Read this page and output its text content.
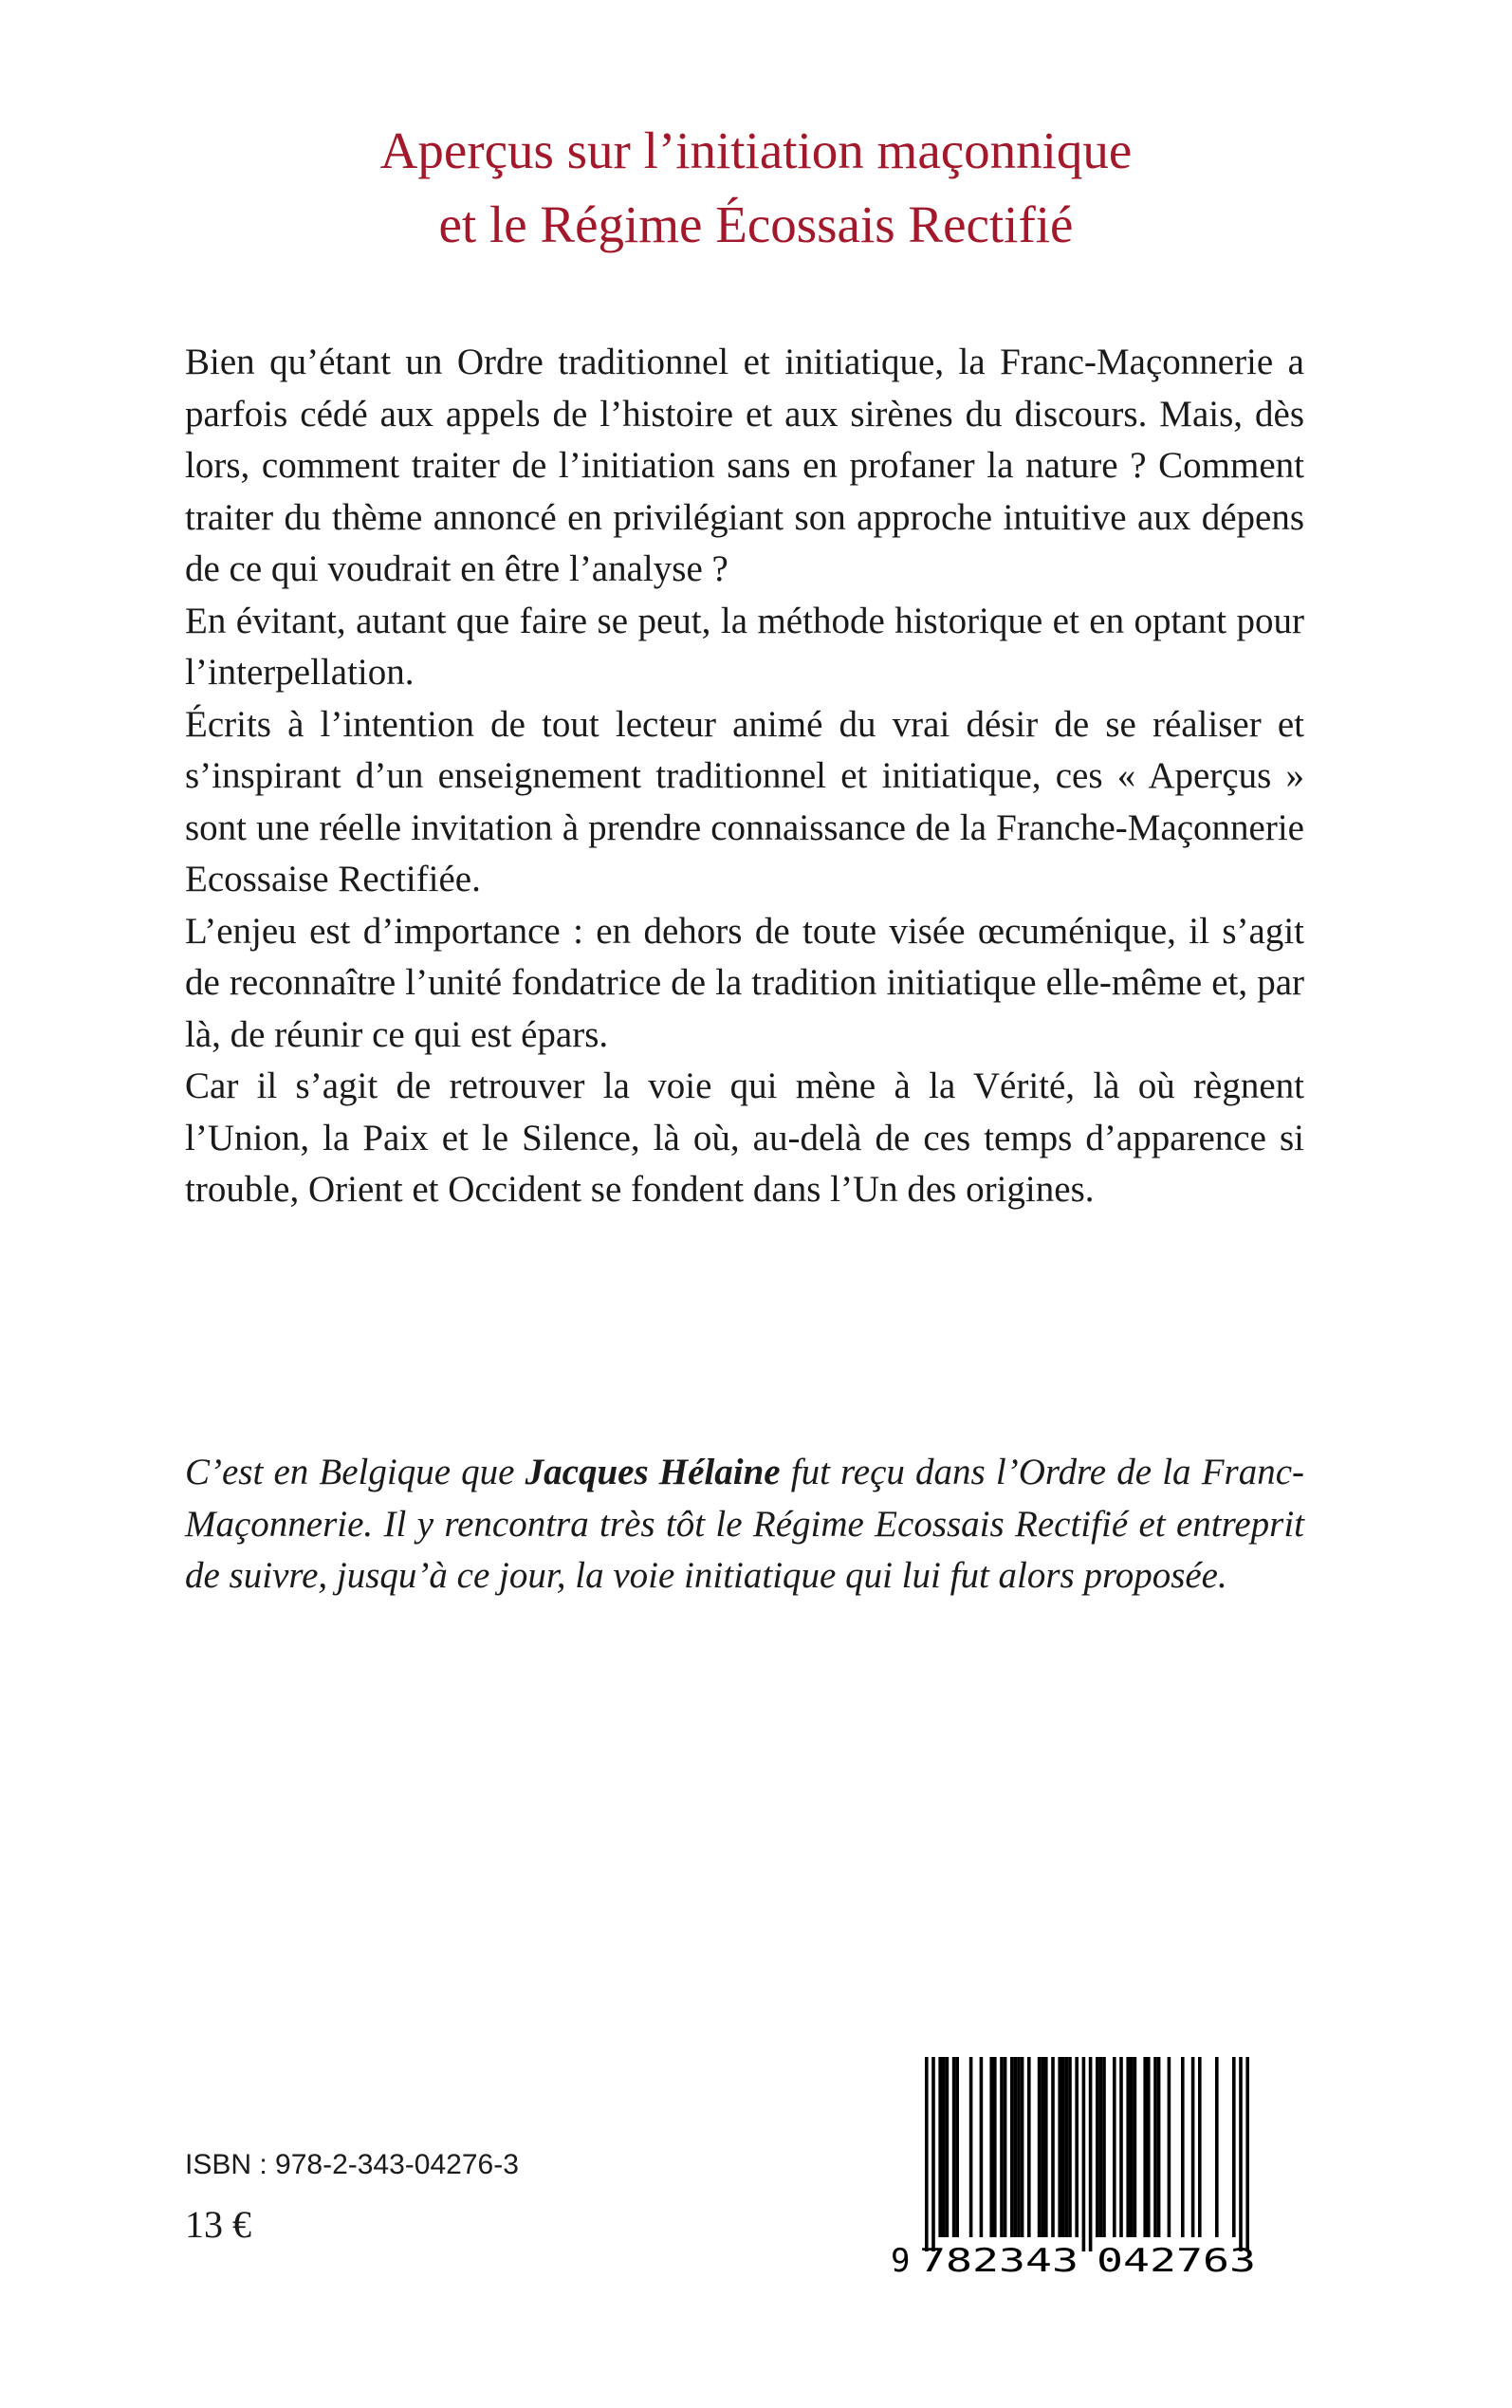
Aperçus sur l’initiation maçonnique
et le Régime Écossais Rectifié

Bien qu’étant un Ordre traditionnel et initiatique, la Franc-Maçonnerie a parfois cédé aux appels de l’histoire et aux sirènes du discours. Mais, dès lors, comment traiter de l’initiation sans en profaner la nature ? Comment traiter du thème annoncé en privilégiant son approche intuitive aux dépens de ce qui voudrait en être l’analyse ?

En évitant, autant que faire se peut, la méthode historique et en optant pour l’interpellation.

Écrits à l’intention de tout lecteur animé du vrai désir de se réaliser et s’inspirant d’un enseignement traditionnel et initiatique, ces « Aperçus » sont une réelle invitation à prendre connaissance de la Franche-Maçonnerie Ecossaise Rectifiée.

L’enjeu est d’importance : en dehors de toute visée œcuménique, il s’agit de reconnaître l’unité fondatrice de la tradition initiatique elle-même et, par là, de réunir ce qui est épars.

Car il s’agit de retrouver la voie qui mène à la Vérité, là où règnent l’Union, la Paix et le Silence, là où, au-delà de ces temps d’apparence si trouble, Orient et Occident se fondent dans l’Un des origines.

C’est en Belgique que Jacques Hélaine fut reçu dans l’Ordre de la Franc-Maçonnerie. Il y rencontra très tôt le Régime Ecossais Rectifié et entreprit de suivre, jusqu’à ce jour, la voie initiatique qui lui fut alors proposée.
ISBN : 978-2-343-04276-3
13 €
9 782343 042763
